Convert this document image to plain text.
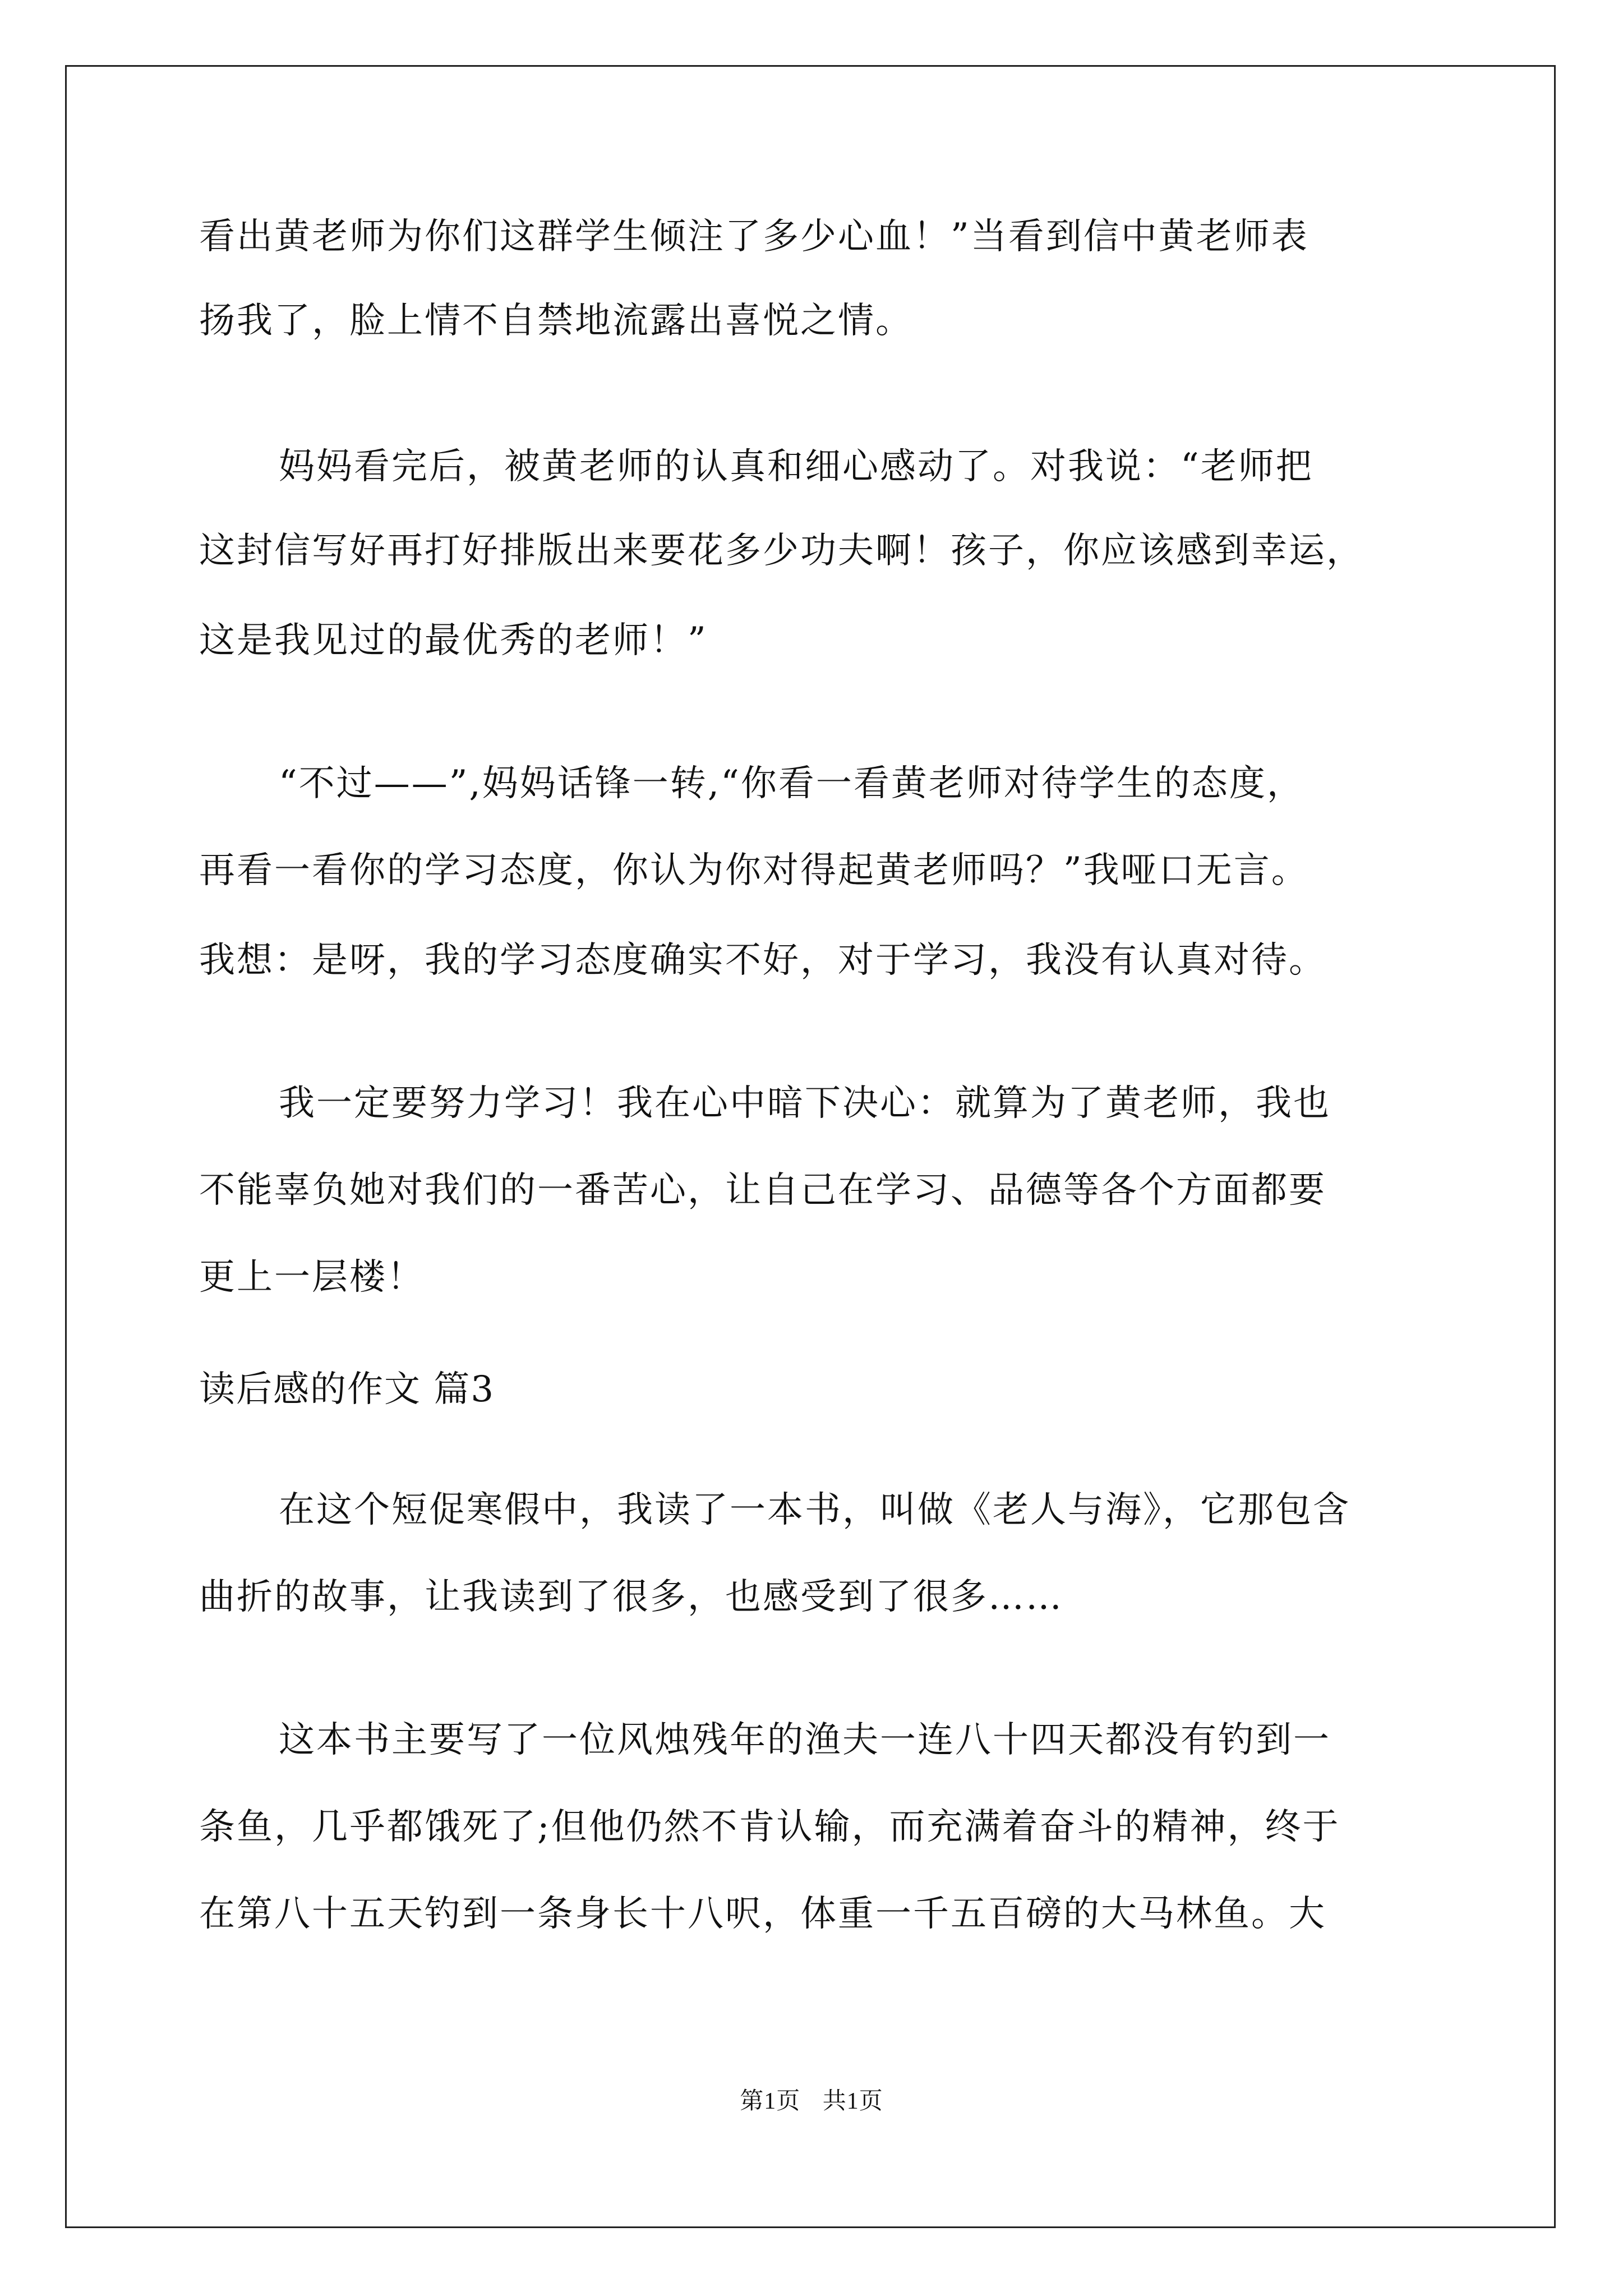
看出黄老师为你们这群学生倾注了多少心血！”当看到信中黄老师表
扬我了，脸上情不自禁地流露出喜悦之情。
妈妈看完后，被黄老师的认真和细心感动了。对我说：“老师把
这封信写好再打好排版出来要花多少功夫啊！孩子，你应该感到幸运，
这是我见过的最优秀的老师！”
“不过——”,妈妈话锋一转,“你看一看黄老师对待学生的态度，
再看一看你的学习态度，你认为你对得起黄老师吗？”我哑口无言。
我想：是呀，我的学习态度确实不好，对于学习，我没有认真对待。
我一定要努力学习！我在心中暗下决心：就算为了黄老师，我也
不能辜负她对我们的一番苦心，让自己在学习、品德等各个方面都要
更上一层楼！
读后感的作文 篇3
在这个短促寒假中，我读了一本书，叫做《老人与海》，它那包含
曲折的故事，让我读到了很多，也感受到了很多……
这本书主要写了一位风烛残年的渔夫一连八十四天都没有钓到一
条鱼，几乎都饿死了;但他仍然不肯认输，而充满着奋斗的精神，终于
在第八十五天钓到一条身长十八呎，体重一千五百磅的大马林鱼。大
第1页 共1页
